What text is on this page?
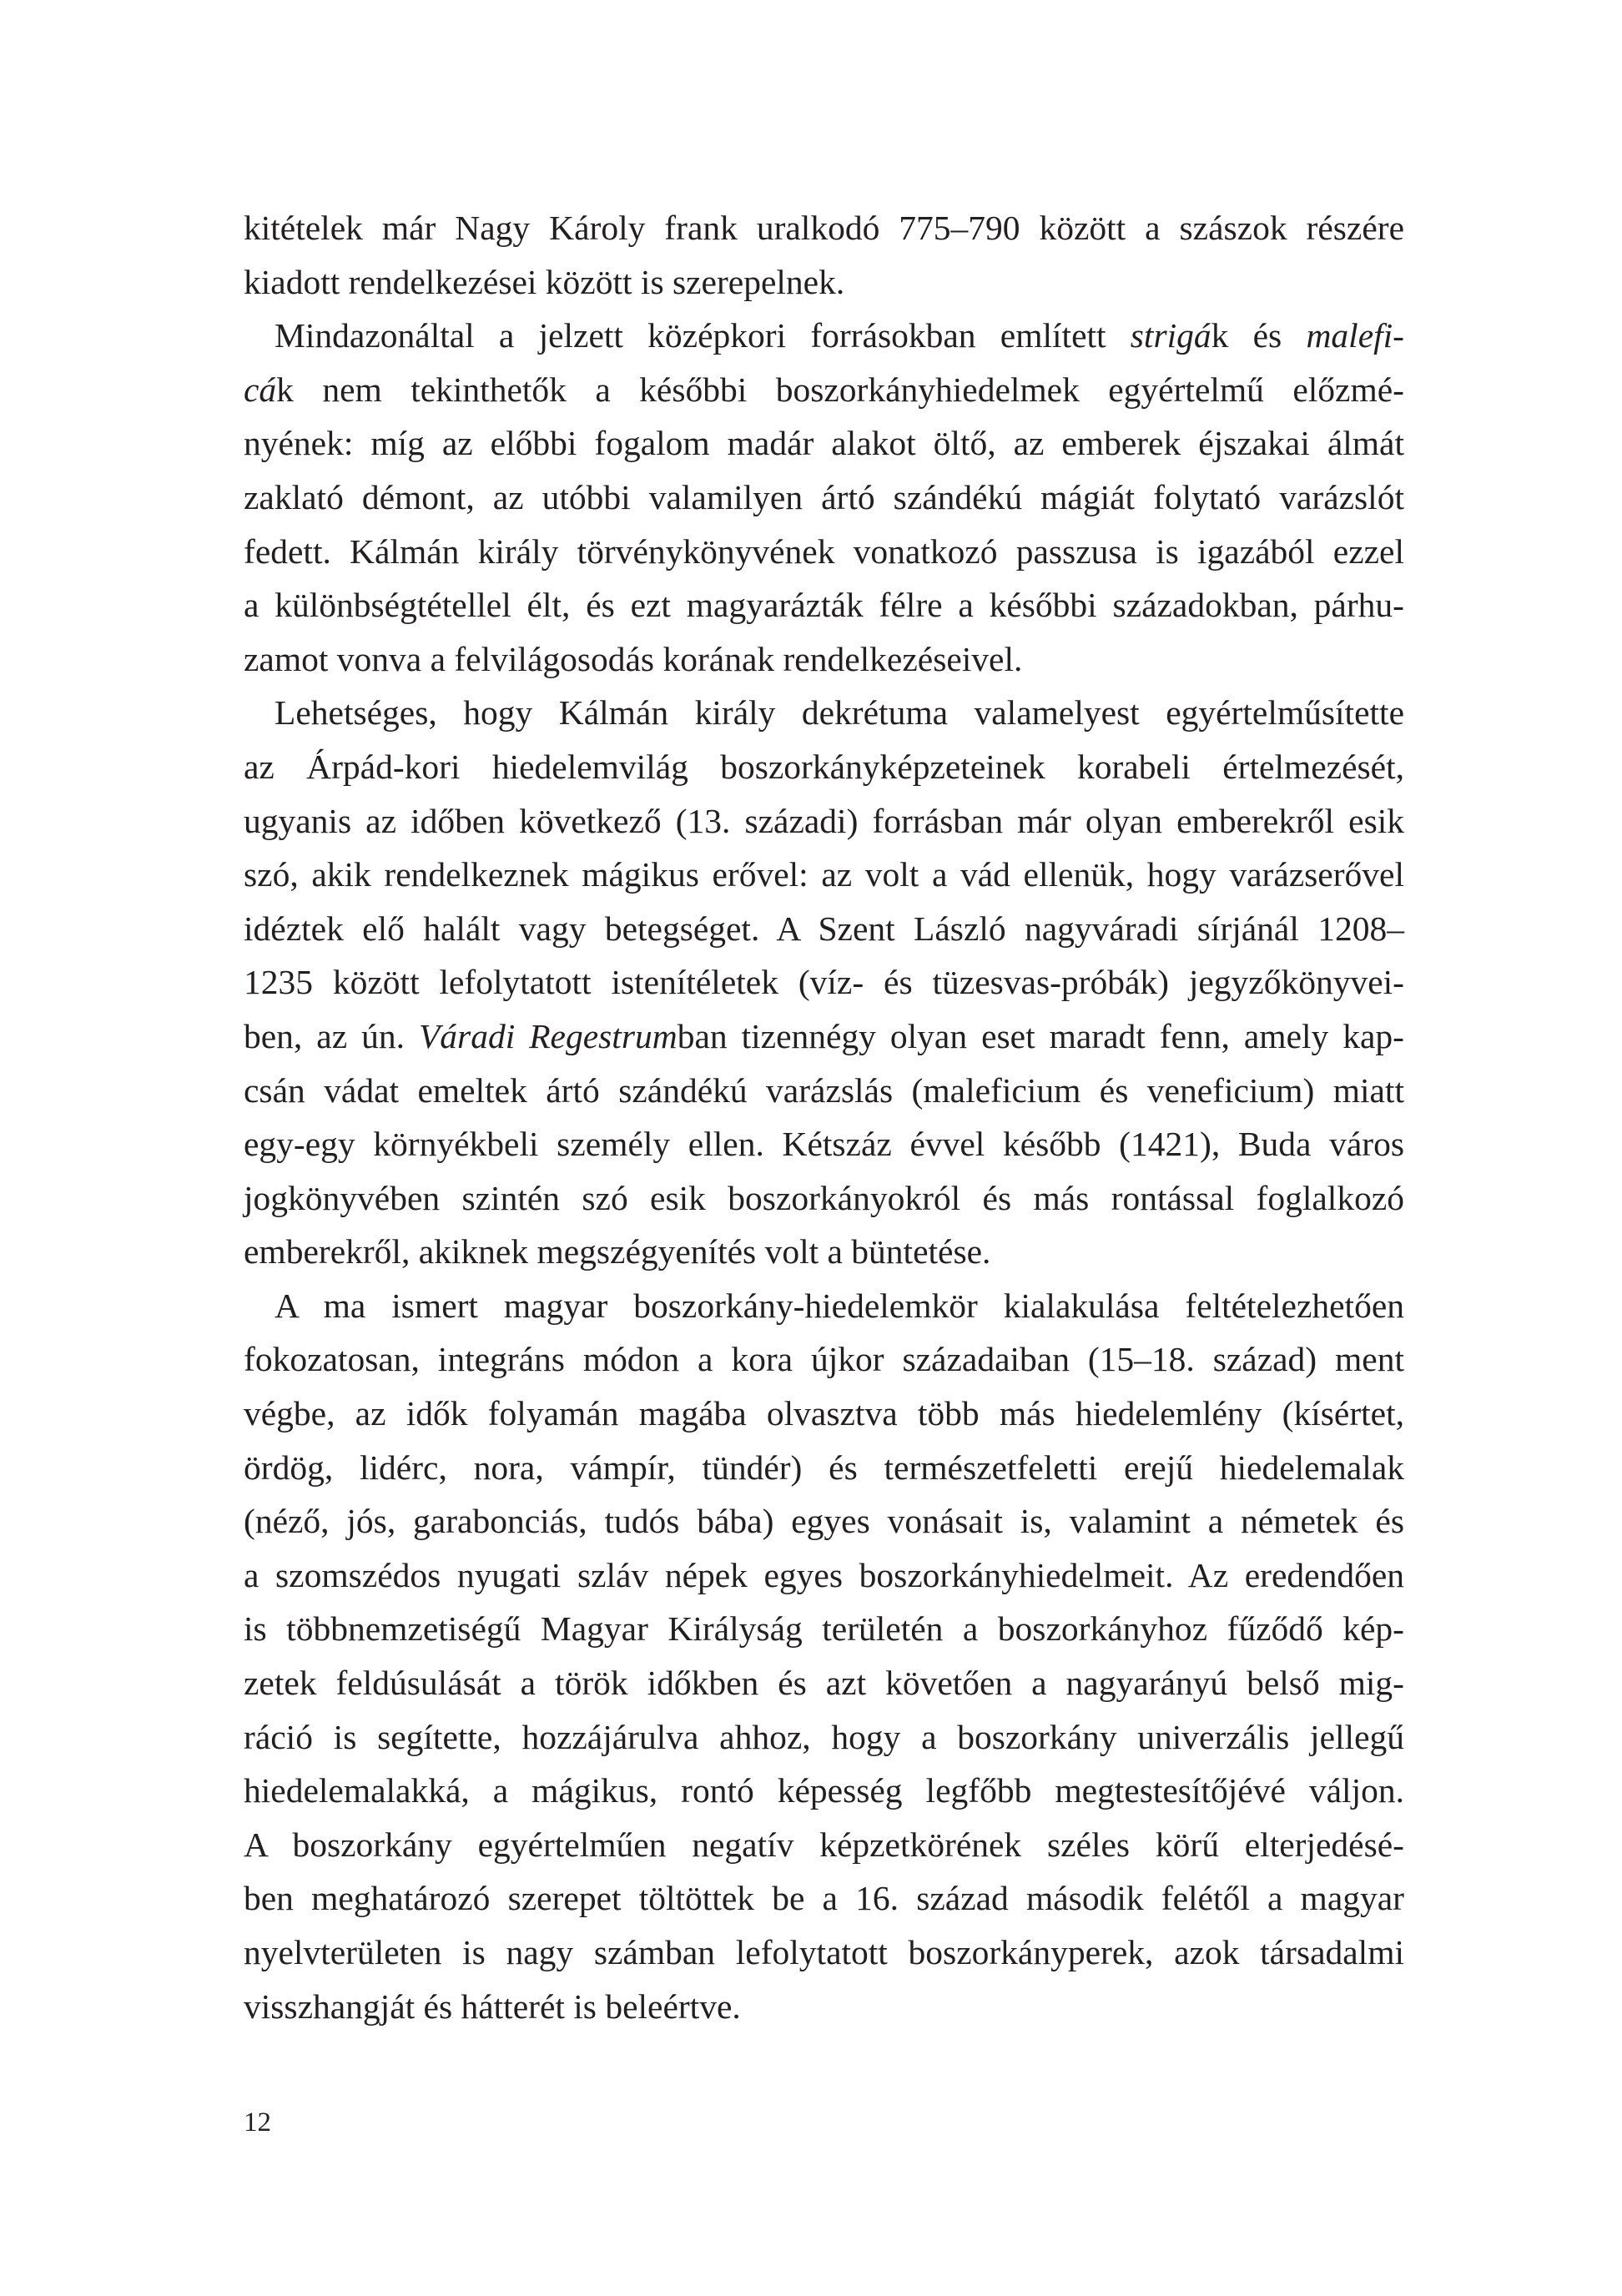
kitételek már Nagy Károly frank uralkodó 775–790 között a szászok részére
kiadott rendelkezései között is szerepelnek.
Mindazonáltal a jelzett középkori forrásokban említett strigák és malefi-
cák nem tekinthetők a későbbi boszorkányhiedelmek egyértelmű előzmé-
nyének: míg az előbbi fogalom madár alakot öltő, az emberek éjszakai álmát
zaklató démont, az utóbbi valamilyen ártó szándékú mágiát folytató varázslót
fedett. Kálmán király törvénykönyvének vonatkozó passzusa is igazából ezzel
a különbségtétellel élt, és ezt magyarázták félre a későbbi századokban, párhu-
zamot vonva a felvilágosodás korának rendelkezéseivel.
Lehetséges, hogy Kálmán király dekrétuma valamelyest egyértelműsítette
az Árpád-kori hiedelemvilág boszorkányképzeteinek korabeli értelmezését,
ugyanis az időben következő (13. századi) forrásban már olyan emberekről esik
szó, akik rendelkeznek mágikus erővel: az volt a vád ellenük, hogy varázserővel
idéztek elő halált vagy betegséget. A Szent László nagyváradi sírjánál 1208–
1235 között lefolytatott istenítéletek (víz- és tüzesvas-próbák) jegyzőkönyvei-
ben, az ún. Váradi Regestrumban tizennégy olyan eset maradt fenn, amely kap-
csán vádat emeltek ártó szándékú varázslás (maleficium és veneficium) miatt
egy-egy környékbeli személy ellen. Kétszáz évvel később (1421), Buda város
jogkönyvében szintén szó esik boszorkányokról és más rontással foglalkozó
emberekről, akiknek megszégyenítés volt a büntetése.
A ma ismert magyar boszorkány-hiedelemkör kialakulása feltételezhetően
fokozatosan, integráns módon a kora újkor századaiban (15–18. század) ment
végbe, az idők folyamán magába olvasztva több más hiedelemlény (kísértet,
ördög, lidérc, nora, vámpír, tündér) és természetfeletti erejű hiedelemalak
(néző, jós, garabonciás, tudós bába) egyes vonásait is, valamint a németek és
a szomszédos nyugati szláv népek egyes boszorkányhiedelmeit. Az eredendően
is többnemzetiségű Magyar Királyság területén a boszorkányhoz fűződő kép-
zetek feldúsulását a török időkben és azt követően a nagyarányú belső mig-
ráció is segítette, hozzájárulva ahhoz, hogy a boszorkány univerzális jellegű
hiedelemalakká, a mágikus, rontó képesség legfőbb megtestesítőjévé váljon.
A boszorkány egyértelműen negatív képzetkörének széles körű elterjedésé-
ben meghatározó szerepet töltöttek be a 16. század második felétől a magyar
nyelvterületen is nagy számban lefolytatott boszorkányperek, azok társadalmi
visszhangját és hátterét is beleértve.
12
